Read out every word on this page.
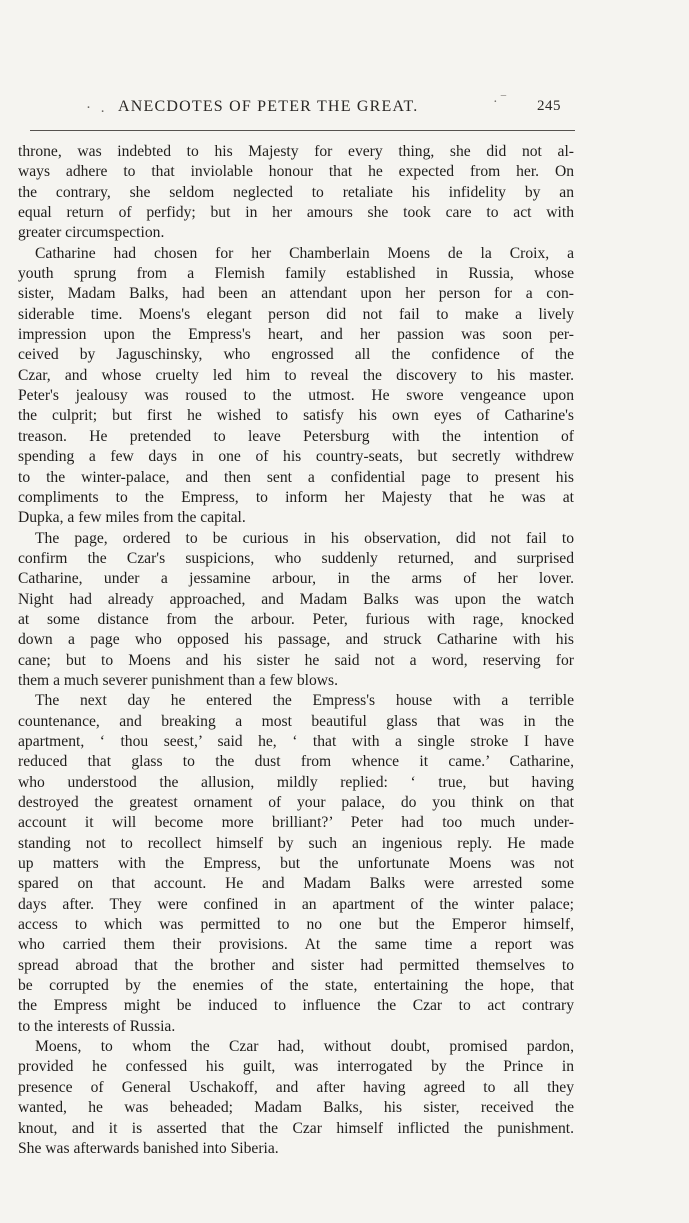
· . ANECDOTES OF PETER THE GREAT.	· ‾ 245

throne, was indebted to his Majesty for every thing, she did not al-
ways adhere to that inviolable honour that he expected from her. On
the contrary, she seldom neglected to retaliate his infidelity by an
equal return of perfidy; but in her amours she took care to act with
greater circumspection.

Catharine had chosen for her Chamberlain Moens de la Croix, a
youth sprung from a Flemish family established in Russia, whose
sister, Madam Balks, had been an attendant upon her person for a con-
siderable time. Moens's elegant person did not fail to make a lively
impression upon the Empress's heart, and her passion was soon per-
ceived by Jaguschinsky, who engrossed all the confidence of the
Czar, and whose cruelty led him to reveal the discovery to his master.
Peter's jealousy was roused to the utmost. He swore vengeance upon
the culprit; but first he wished to satisfy his own eyes of Catharine's
treason. He pretended to leave Petersburg with the intention of
spending a few days in one of his country-seats, but secretly withdrew
to the winter-palace, and then sent a confidential page to present his
compliments to the Empress, to inform her Majesty that he was at
Dupka, a few miles from the capital.

The page, ordered to be curious in his observation, did not fail to
confirm the Czar's suspicions, who suddenly returned, and surprised
Catharine, under a jessamine arbour, in the arms of her lover.
Night had already approached, and Madam Balks was upon the watch
at some distance from the arbour. Peter, furious with rage, knocked
down a page who opposed his passage, and struck Catharine with his
cane; but to Moens and his sister he said not a word, reserving for
them a much severer punishment than a few blows.

The next day he entered the Empress's house with a terrible
countenance, and breaking a most beautiful glass that was in the
apartment, ‘ thou seest,’ said he, ‘ that with a single stroke I have
reduced that glass to the dust from whence it came.’ Catharine,
who understood the allusion, mildly replied: ‘ true, but having
destroyed the greatest ornament of your palace, do you think on that
account it will become more brilliant?’ Peter had too much under-
standing not to recollect himself by such an ingenious reply. He made
up matters with the Empress, but the unfortunate Moens was not
spared on that account. He and Madam Balks were arrested some
days after. They were confined in an apartment of the winter palace;
access to which was permitted to no one but the Emperor himself,
who carried them their provisions. At the same time a report was
spread abroad that the brother and sister had permitted themselves to
be corrupted by the enemies of the state, entertaining the hope, that
the Empress might be induced to influence the Czar to act contrary
to the interests of Russia.

Moens, to whom the Czar had, without doubt, promised pardon,
provided he confessed his guilt, was interrogated by the Prince in
presence of General Uschakoff, and after having agreed to all they
wanted, he was beheaded; Madam Balks, his sister, received the
knout, and it is asserted that the Czar himself inflicted the punishment.
She was afterwards banished into Siberia.
